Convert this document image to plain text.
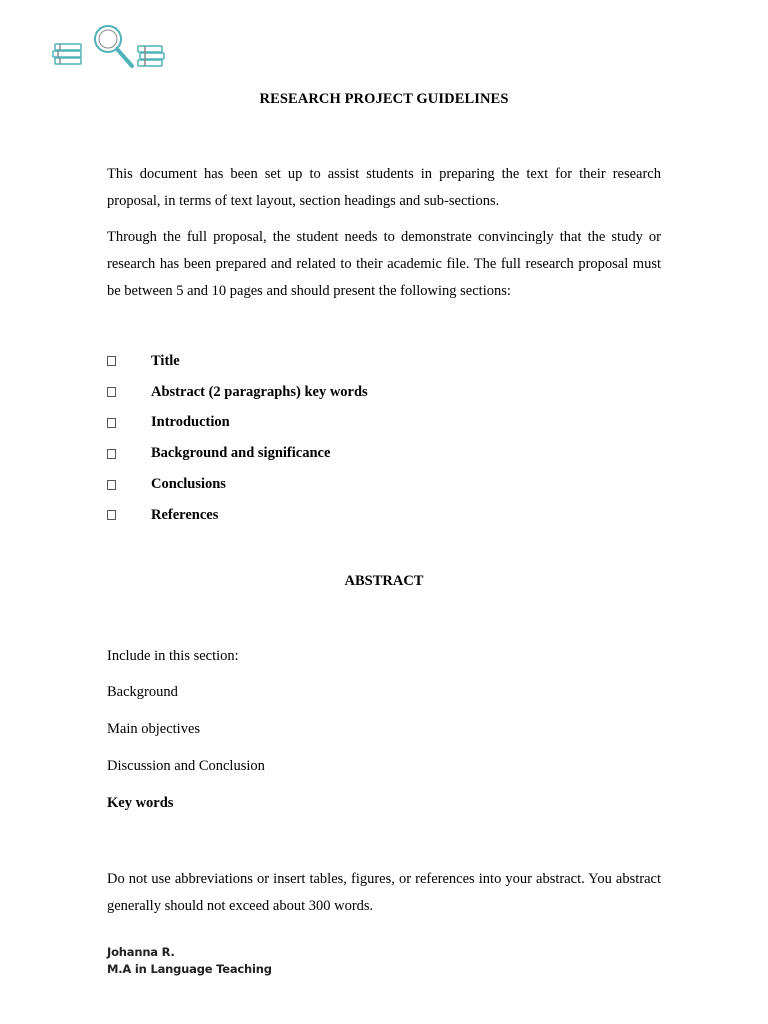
RESEARCH PROJECT GUIDELINES

This document has been set up to assist students in preparing the text for their research proposal, in terms of text layout, section headings and sub-sections.

Through the full proposal, the student needs to demonstrate convincingly that the study or research has been prepared and related to their academic file. The full research proposal must be between 5 and 10 pages and should present the following sections:

Title
Abstract (2 paragraphs) key words
Introduction
Background and significance
Conclusions
References
ABSTRACT
Include in this section:
Background
Main objectives
Discussion and Conclusion
Key words

Do not use abbreviations or insert tables, figures, or references into your abstract. You abstract generally should not exceed about 300 words.

Johanna R.
M.A in Language Teaching
